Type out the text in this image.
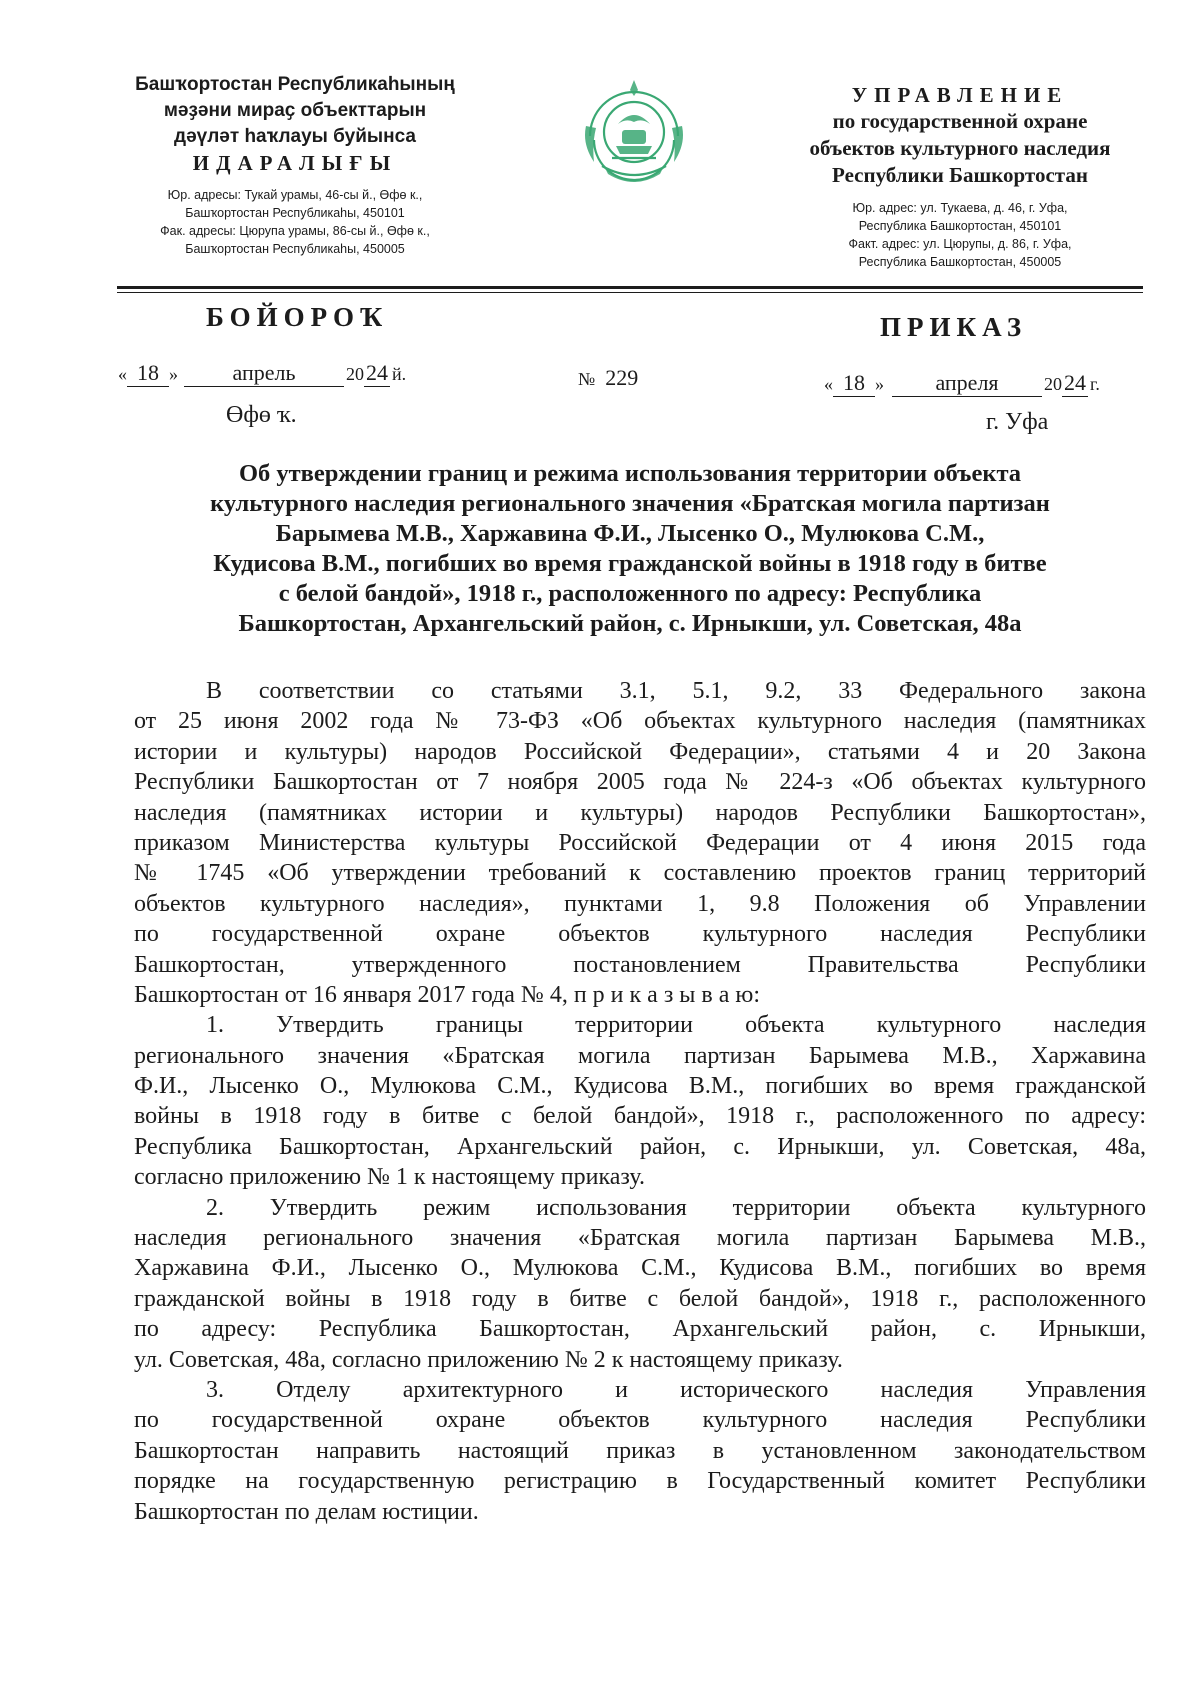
Башҡортостан Республикаһының
мәҙәни мираҫ объекттарын
дәүләт һаҡлауы буйынса
ИДАРАЛЫҒЫ
Юр. адресы: Тукай урамы, 46-сы й., Өфө к.,
Башҡортостан Республикаһы, 450101
Фак. адресы: Цюрупа урамы, 86-сы й., Өфө к.,
Башҡортостан Республикаһы, 450005
УПРАВЛЕНИЕ
по государственной охране
объектов культурного наследия
Республики Башкортостан
Юр. адрес: ул. Тукаева, д. 46, г. Уфа,
Республика Башкортостан, 450101
Факт. адрес: ул. Цюрупы, д. 86, г. Уфа,
Республика Башкортостан, 450005
БОЙОРОҠ	ПРИКАЗ
« 18 » апрель	2024 й.
Өфө ҡ.
№ 229	« 18 » апреля	2024 г.
г. Уфа
Об утверждении границ и режима использования территории объекта
культурного наследия регионального значения «Братская могила партизан
Барымева М.В., Харжавина Ф.И., Лысенко О., Мулюкова С.М.,
Кудисова В.М., погибших во время гражданской войны в 1918 году в битве
с белой бандой», 1918 г., расположенного по адресу: Республика
Башкортостан, Архангельский район, с. Ирныкши, ул. Советская, 48а
В соответствии со статьями 3.1, 5.1, 9.2, 33 Федерального закона
от 25 июня 2002 года № 73-ФЗ «Об объектах культурного наследия (памятниках
истории и культуры) народов Российской Федерации», статьями 4 и 20 Закона
Республики Башкортостан от 7 ноября 2005 года № 224-з «Об объектах культурного
наследия (памятниках истории и культуры) народов Республики Башкортостан»,
приказом Министерства культуры Российской Федерации от 4 июня 2015 года
№ 1745 «Об утверждении требований к составлению проектов границ территорий
объектов культурного наследия», пунктами 1, 9.8 Положения об Управлении
по государственной охране объектов культурного наследия Республики
Башкортостан, утвержденного постановлением Правительства Республики
Башкортостан от 16 января 2017 года № 4, п р и к а з ы в а ю:
1. Утвердить границы территории объекта культурного наследия
регионального значения «Братская могила партизан Барымева М.В., Харжавина
Ф.И., Лысенко О., Мулюкова С.М., Кудисова В.М., погибших во время гражданской
войны в 1918 году в битве с белой бандой», 1918 г., расположенного по адресу:
Республика Башкортостан, Архангельский район, с. Ирныкши, ул. Советская, 48а,
согласно приложению № 1 к настоящему приказу.
2. Утвердить режим использования территории объекта культурного
наследия регионального значения «Братская могила партизан Барымева М.В.,
Харжавина Ф.И., Лысенко О., Мулюкова С.М., Кудисова В.М., погибших во время
гражданской войны в 1918 году в битве с белой бандой», 1918 г., расположенного
по адресу: Республика Башкортостан, Архангельский район, с. Ирныкши,
ул. Советская, 48а, согласно приложению № 2 к настоящему приказу.
3. Отделу архитектурного и исторического наследия Управления
по государственной охране объектов культурного наследия Республики
Башкортостан направить настоящий приказ в установленном законодательством
порядке на государственную регистрацию в Государственный комитет Республики
Башкортостан по делам юстиции.
